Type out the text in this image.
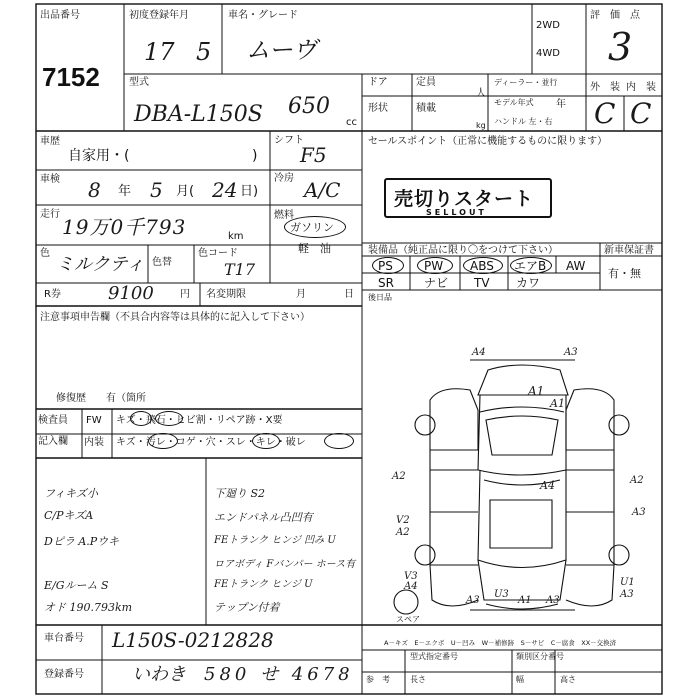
出品番号
7152
初度登録年月
17 5
車名・グレード
ムーヴ
2WD
4WD
評　価　点
3
型式
DBA-L150S 650
cc
ドア	定員
人
ディーラー・並行
モデル年式	年
形状	積載
kg ハンドル 左・右
外　装 内　装
C C
車歴
自家用・(	)
シフト
F5
車検 8 年 5 月( 24 日)
冷房 A/C
走行
19万0千793	km
燃料
ガソリン
軽　油
色
ミルクティ 色替
色コード
T17
R券	9100	円 名変期限	月	日
注意事項申告欄（不具合内容等は具体的に記入して下さい）
修復歴　　有（箇所
セールスポイント（正常に機能するものに限ります）
売切りスタート
SELLOUT
装備品（純正品に限り〇をつけて下さい）	新車保証書
有・無
PS	PW ABS エアB AW
SR	ナビ TV カワ
後日品
検査員
記入欄
FW キズ・飛石・ヒビ割・リペア跡・X要
内装 キズ・汚レ・コゲ・穴・スレ・キレ・破レ
フィキズ小
C/PキズA
Dピラ A.Pウキ
E/Gルーム S
オド 190.793km
下廻り S2
エンドパネル凸凹有
FEトランク ヒンジ 凹み U
ロアボディ Fバンパー ホース有
FEトランク ヒンジ U
テップン付着
A4	A3
A1
A1
A4
A2
V2
A2
V3
A3
U3
A4
A3
A1
A2
A3
U1
A3
スペア
車台番号 L150S-0212828
登録番号	いわき 580 せ 4678
A－キズ　E－エクボ　U－凹み　W－補修跡　S－サビ　C－腐食　XX－交換済
型式指定番号	類別区分番号
参　考	長さ	幅	高さ
